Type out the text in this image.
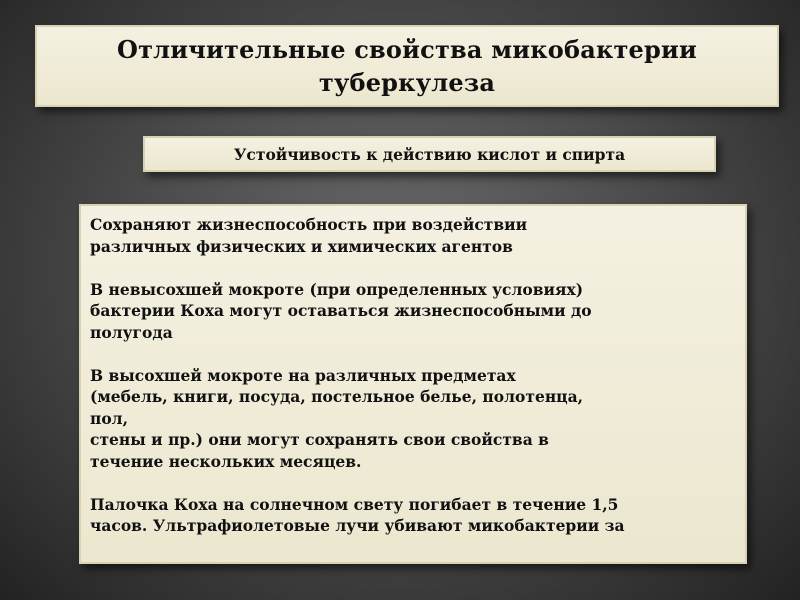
Отличительные свойства микобактерии туберкулеза
Устойчивость к действию кислот и спирта

Сохраняют жизнеспособность при воздействии
различных физических и химических агентов

В невысохшей мокроте (при определенных условиях)
бактерии Коха могут оставаться жизнеспособными до
полугода

В высохшей мокроте на различных предметах
(мебель, книги, посуда, постельное белье, полотенца,
пол,
стены и пр.) они могут сохранять свои свойства в
течение нескольких месяцев.

Палочка Коха на солнечном свету погибает в течение 1,5
часов. Ультрафиолетовые лучи убивают микобактерии за
